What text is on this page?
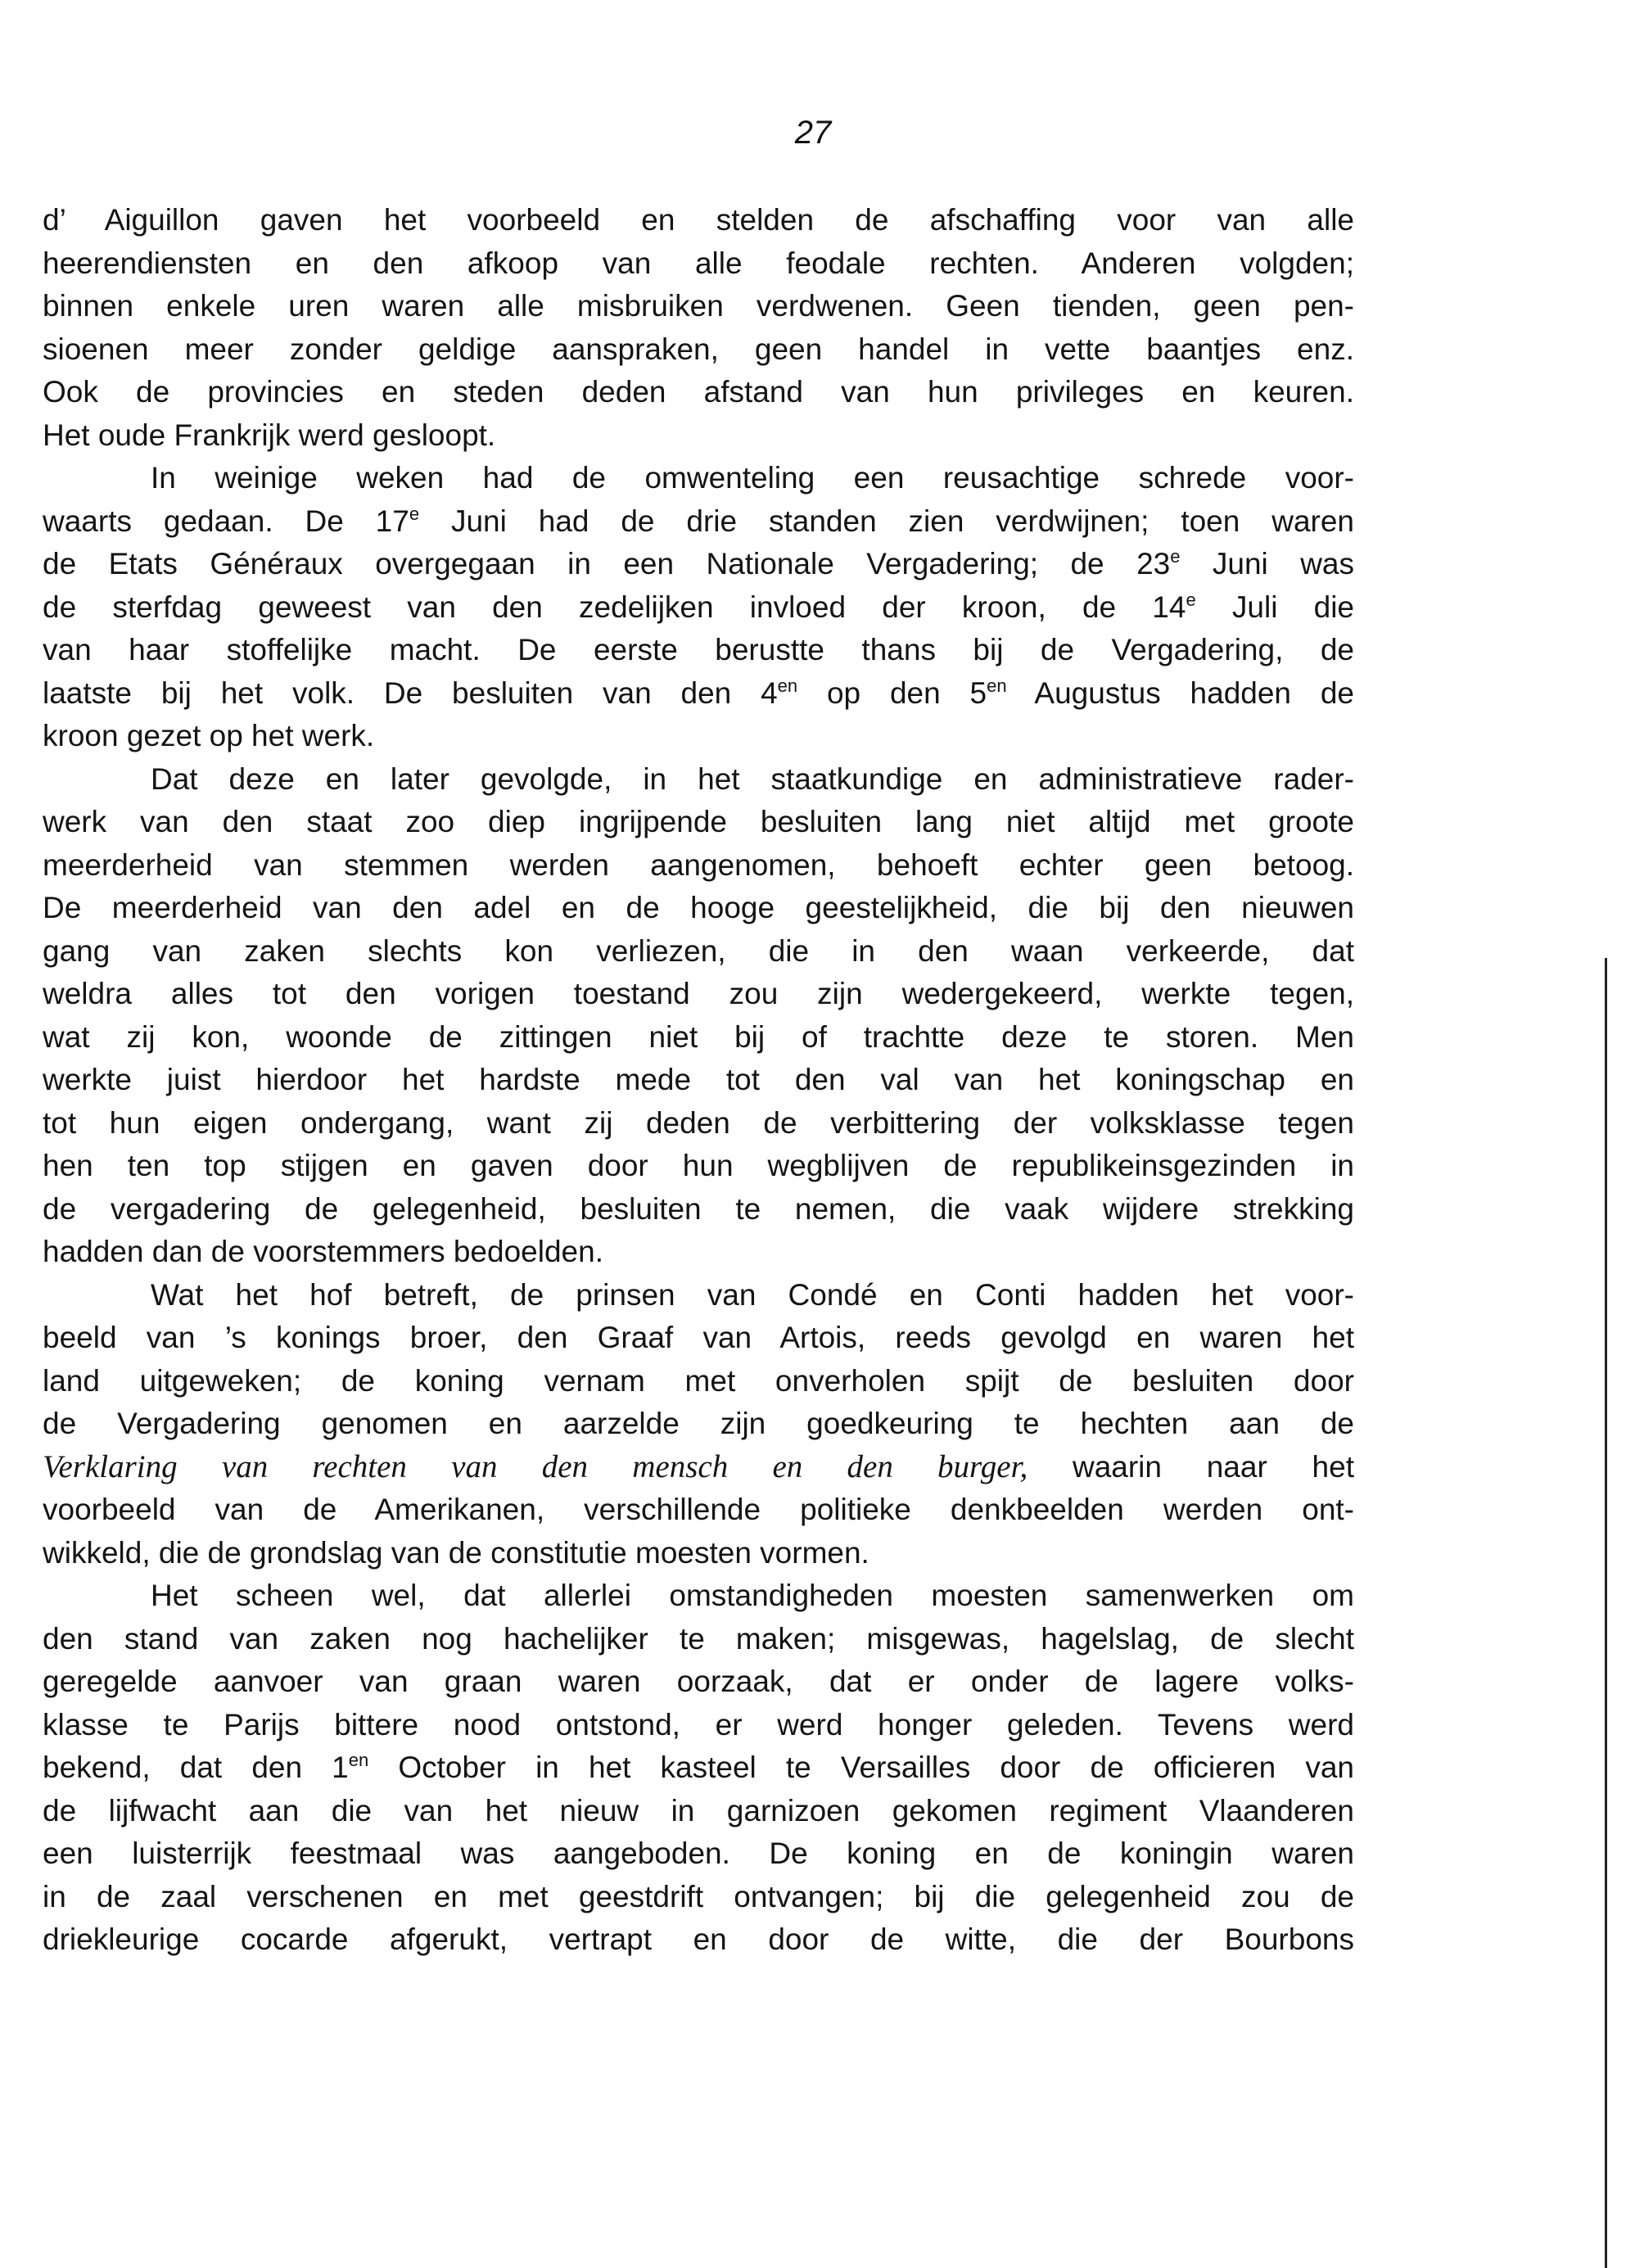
27
d’ Aiguillon gaven het voorbeeld en stelden de afschaffing voor van alle
heerendiensten en den afkoop van alle feodale rechten. Anderen volgden;
binnen enkele uren waren alle misbruiken verdwenen. Geen tienden, geen pen-
sioenen meer zonder geldige aanspraken, geen handel in vette baantjes enz.
Ook de provincies en steden deden afstand van hun privileges en keuren.
Het oude Frankrijk werd gesloopt.
In weinige weken had de omwenteling een reusachtige schrede voor-
waarts gedaan. De 17e Juni had de drie standen zien verdwijnen; toen waren
de Etats Généraux overgegaan in een Nationale Vergadering; de 23e Juni was
de sterfdag geweest van den zedelijken invloed der kroon, de 14e Juli die
van haar stoffelijke macht. De eerste berustte thans bij de Vergadering, de
laatste bij het volk. De besluiten van den $4^{en}$ op den $5^{en}$ Augustus hadden de
kroon gezet op het werk.
Dat deze en later gevolgde, in het staatkundige en administratieve rader-
werk van den staat zoo diep ingrijpende besluiten lang niet altijd met groote
meerderheid van stemmen werden aangenomen, behoeft echter geen betoog.
De meerderheid van den adel en de hooge geestelijkheid, die bij den nieuwen
gang van zaken slechts kon verliezen, die in den waan verkeerde, dat
weldra alles tot den vorigen toestand zou zijn wedergekeerd, werkte tegen,
wat zij kon, woonde de zittingen niet bij of trachtte deze te storen. Men
werkte juist hierdoor het hardste mede tot den val van het koningschap en
tot hun eigen ondergang, want zij deden de verbittering der volksklasse tegen
hen ten top stijgen en gaven door hun wegblijven de republikeinsgezinden in
de vergadering de gelegenheid, besluiten te nemen, die vaak wijdere strekking
hadden dan de voorstemmers bedoelden.
Wat het hof betreft, de prinsen van Condé en Conti hadden het voor-
beeld van ’s konings broer, den Graaf van Artois, reeds gevolgd en waren het
land uitgeweken; de koning vernam met onverholen spijt de besluiten door
de Vergadering genomen en aarzelde zijn goedkeuring te hechten aan de
Verklaring van rechten van den mensch en den burger, waarin naar het
voorbeeld van de Amerikanen, verschillende politieke denkbeelden werden ont-
wikkeld, die de grondslag van de constitutie moesten vormen.
Het scheen wel, dat allerlei omstandigheden moesten samenwerken om
den stand van zaken nog hachelijker te maken; misgewas, hagelslag, de slecht
geregelde aanvoer van graan waren oorzaak, dat er onder de lagere volks-
klasse te Parijs bittere nood ontstond, er werd honger geleden. Tevens werd
bekend, dat den $1^{en}$ October in het kasteel te Versailles door de officieren van
de lijfwacht aan die van het nieuw in garnizoen gekomen regiment Vlaanderen
een luisterrijk feestmaal was aangeboden. De koning en de koningin waren
in de zaal verschenen en met geestdrift ontvangen; bij die gelegenheid zou de
driekleurige cocarde afgerukt, vertrapt en door de witte, die der Bourbons
